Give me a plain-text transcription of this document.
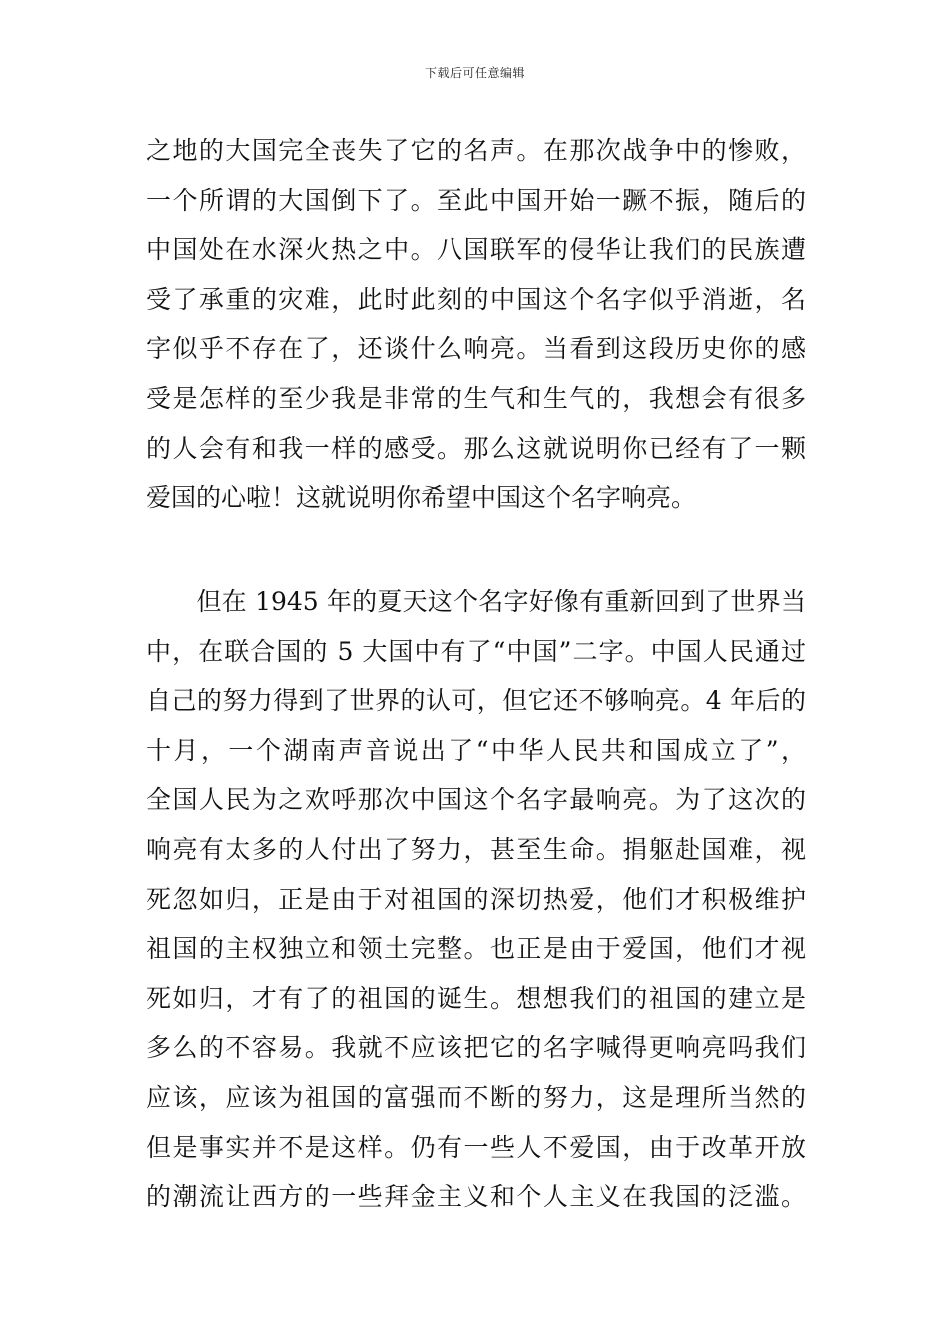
下载后可任意编辑
之地的大国完全丧失了它的名声。在那次战争中的惨败，
一个所谓的大国倒下了。至此中国开始一蹶不振，随后的
中国处在水深火热之中。八国联军的侵华让我们的民族遭
受了承重的灾难，此时此刻的中国这个名字似乎消逝，名
字似乎不存在了，还谈什么响亮。当看到这段历史你的感
受是怎样的至少我是非常的生气和生气的，我想会有很多
的人会有和我一样的感受。那么这就说明你已经有了一颗
爱国的心啦！这就说明你希望中国这个名字响亮。
　　但在 1945 年的夏天这个名字好像有重新回到了世界当
中，在联合国的 5 大国中有了“中国”二字。中国人民通过
自己的努力得到了世界的认可，但它还不够响亮。4 年后的
十月，一个湖南声音说出了“中华人民共和国成立了”，
全国人民为之欢呼那次中国这个名字最响亮。为了这次的
响亮有太多的人付出了努力，甚至生命。捐躯赴国难，视
死忽如归，正是由于对祖国的深切热爱，他们才积极维护
祖国的主权独立和领土完整。也正是由于爱国，他们才视
死如归，才有了的祖国的诞生。想想我们的祖国的建立是
多么的不容易。我就不应该把它的名字喊得更响亮吗我们
应该，应该为祖国的富强而不断的努力，这是理所当然的
但是事实并不是这样。仍有一些人不爱国，由于改革开放
的潮流让西方的一些拜金主义和个人主义在我国的泛滥。
